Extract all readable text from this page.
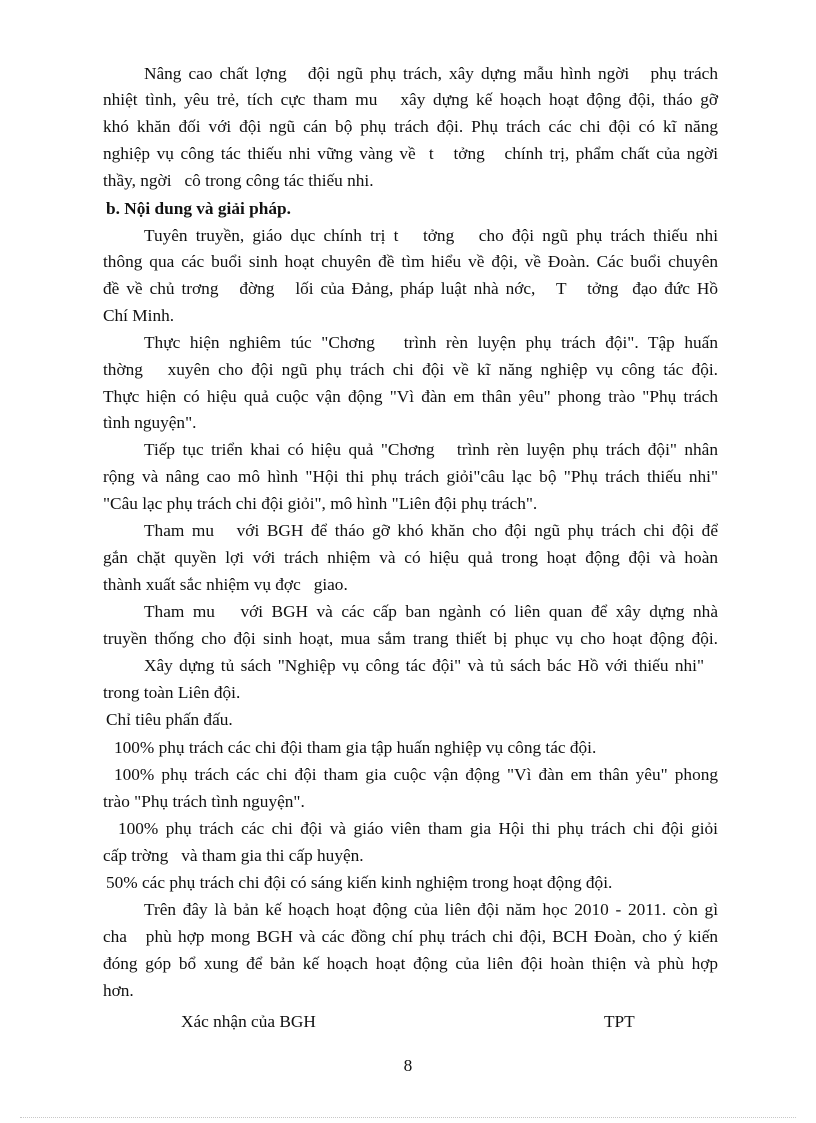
Nâng cao chất lợng   đội ngũ phụ trách, xây dựng mẫu hình ngời   phụ trách
nhiệt tình, yêu trẻ, tích cực tham mu   xây dựng kế hoạch hoạt động đội, tháo gỡ
khó khăn đối với đội ngũ cán bộ phụ trách đội. Phụ trách các chi đội có kĩ năng
nghiệp vụ công tác thiếu nhi vững vàng về  t   tởng   chính trị, phẩm chất của ngời
thầy, ngời   cô trong công tác thiếu nhi.
b. Nội dung và giải pháp.
Tuyên truyền, giáo dục chính trị t   tởng   cho đội ngũ phụ trách thiếu nhi
thông qua các buổi sinh hoạt chuyên đề tìm hiểu về đội, về Đoàn. Các buổi chuyên
đề về chủ trơng   đờng   lối của Đảng, pháp luật nhà nớc,   T   tởng  đạo đức Hồ
Chí Minh.
Thực hiện nghiêm túc "Chơng   trình rèn luyện phụ trách đội". Tập huấn
thờng   xuyên cho đội ngũ phụ trách chi đội về kĩ năng nghiệp vụ công tác đội.
Thực hiện có hiệu quả cuộc vận động "Vì đàn em thân yêu" phong trào "Phụ trách
tình nguyện".
Tiếp tục triển khai có hiệu quả "Chơng   trình rèn luyện phụ trách đội" nhân
rộng và nâng cao mô hình "Hội thi phụ trách giỏi"câu lạc bộ "Phụ trách thiếu nhi"
"Câu lạc phụ trách chi đội giỏi", mô hình "Liên đội phụ trách".
Tham mu   với BGH để tháo gỡ khó khăn cho đội ngũ phụ trách chi đội để
gắn chặt quyền lợi với trách nhiệm và có hiệu quả trong hoạt động đội và hoàn
thành xuất sắc nhiệm vụ đợc   giao.
Tham mu   với BGH và các cấp ban ngành có liên quan để xây dựng nhà
truyền thống cho đội sinh hoạt, mua sắm trang thiết bị phục vụ cho hoạt động đội.
Xây dựng tủ sách "Nghiệp vụ công tác đội" và tủ sách bác Hồ với thiếu nhi"
trong toàn Liên đội.
Chỉ tiêu phấn đấu.
100% phụ trách các chi đội tham gia tập huấn nghiệp vụ công tác đội.
100% phụ trách các chi đội tham gia cuộc vận động "Vì đàn em thân yêu" phong
trào "Phụ trách tình nguyện".
100% phụ trách các chi đội và giáo viên tham gia Hội thi phụ trách chi đội giỏi
cấp trờng   và tham gia thi cấp huyện.
50% các phụ trách chi đội có sáng kiến kinh nghiệm trong hoạt động đội.
Trên đây là bản kế hoạch hoạt động của liên đội năm học 2010 - 2011. còn gì
cha   phù hợp mong BGH và các đồng chí phụ trách chi đội, BCH Đoàn, cho ý kiến
đóng góp bổ xung để bản kế hoạch hoạt động của liên đội hoàn thiện và phù hợp
hơn.
Xác nhận của BGH	TPT
8
